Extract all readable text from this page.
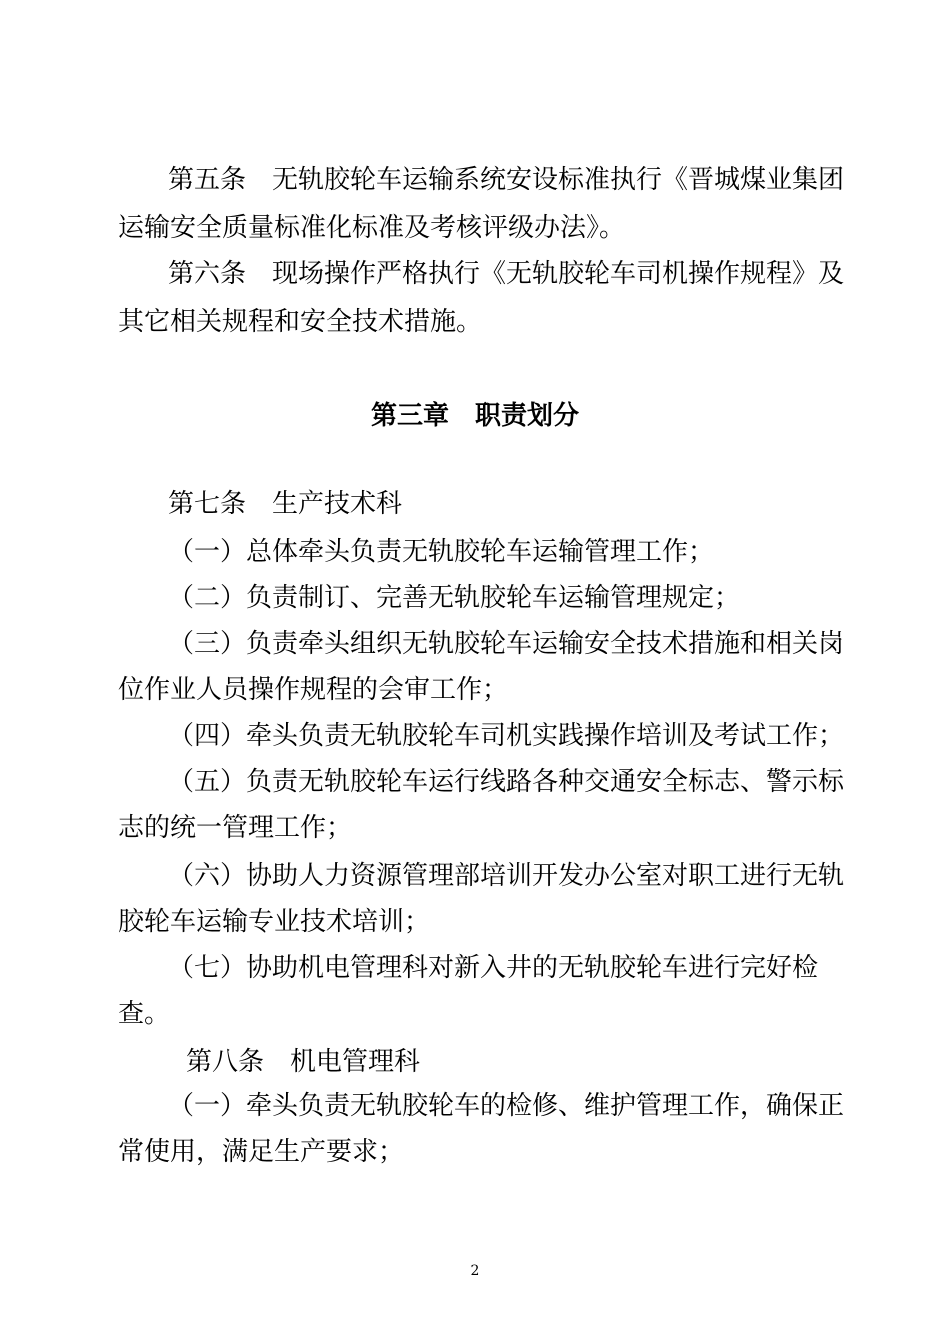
第五条　无轨胶轮车运输系统安设标准执行《晋城煤业集团
运输安全质量标准化标准及考核评级办法》。
第六条　现场操作严格执行《无轨胶轮车司机操作规程》及
其它相关规程和安全技术措施。
第三章　职责划分
第七条　生产技术科
（一）总体牵头负责无轨胶轮车运输管理工作；
（二）负责制订、完善无轨胶轮车运输管理规定；
（三）负责牵头组织无轨胶轮车运输安全技术措施和相关岗
位作业人员操作规程的会审工作；
（四）牵头负责无轨胶轮车司机实践操作培训及考试工作；
（五）负责无轨胶轮车运行线路各种交通安全标志、警示标
志的统一管理工作；
（六）协助人力资源管理部培训开发办公室对职工进行无轨
胶轮车运输专业技术培训；
（七）协助机电管理科对新入井的无轨胶轮车进行完好检
查。
第八条　机电管理科
（一）牵头负责无轨胶轮车的检修、维护管理工作，确保正
常使用，满足生产要求；
2
